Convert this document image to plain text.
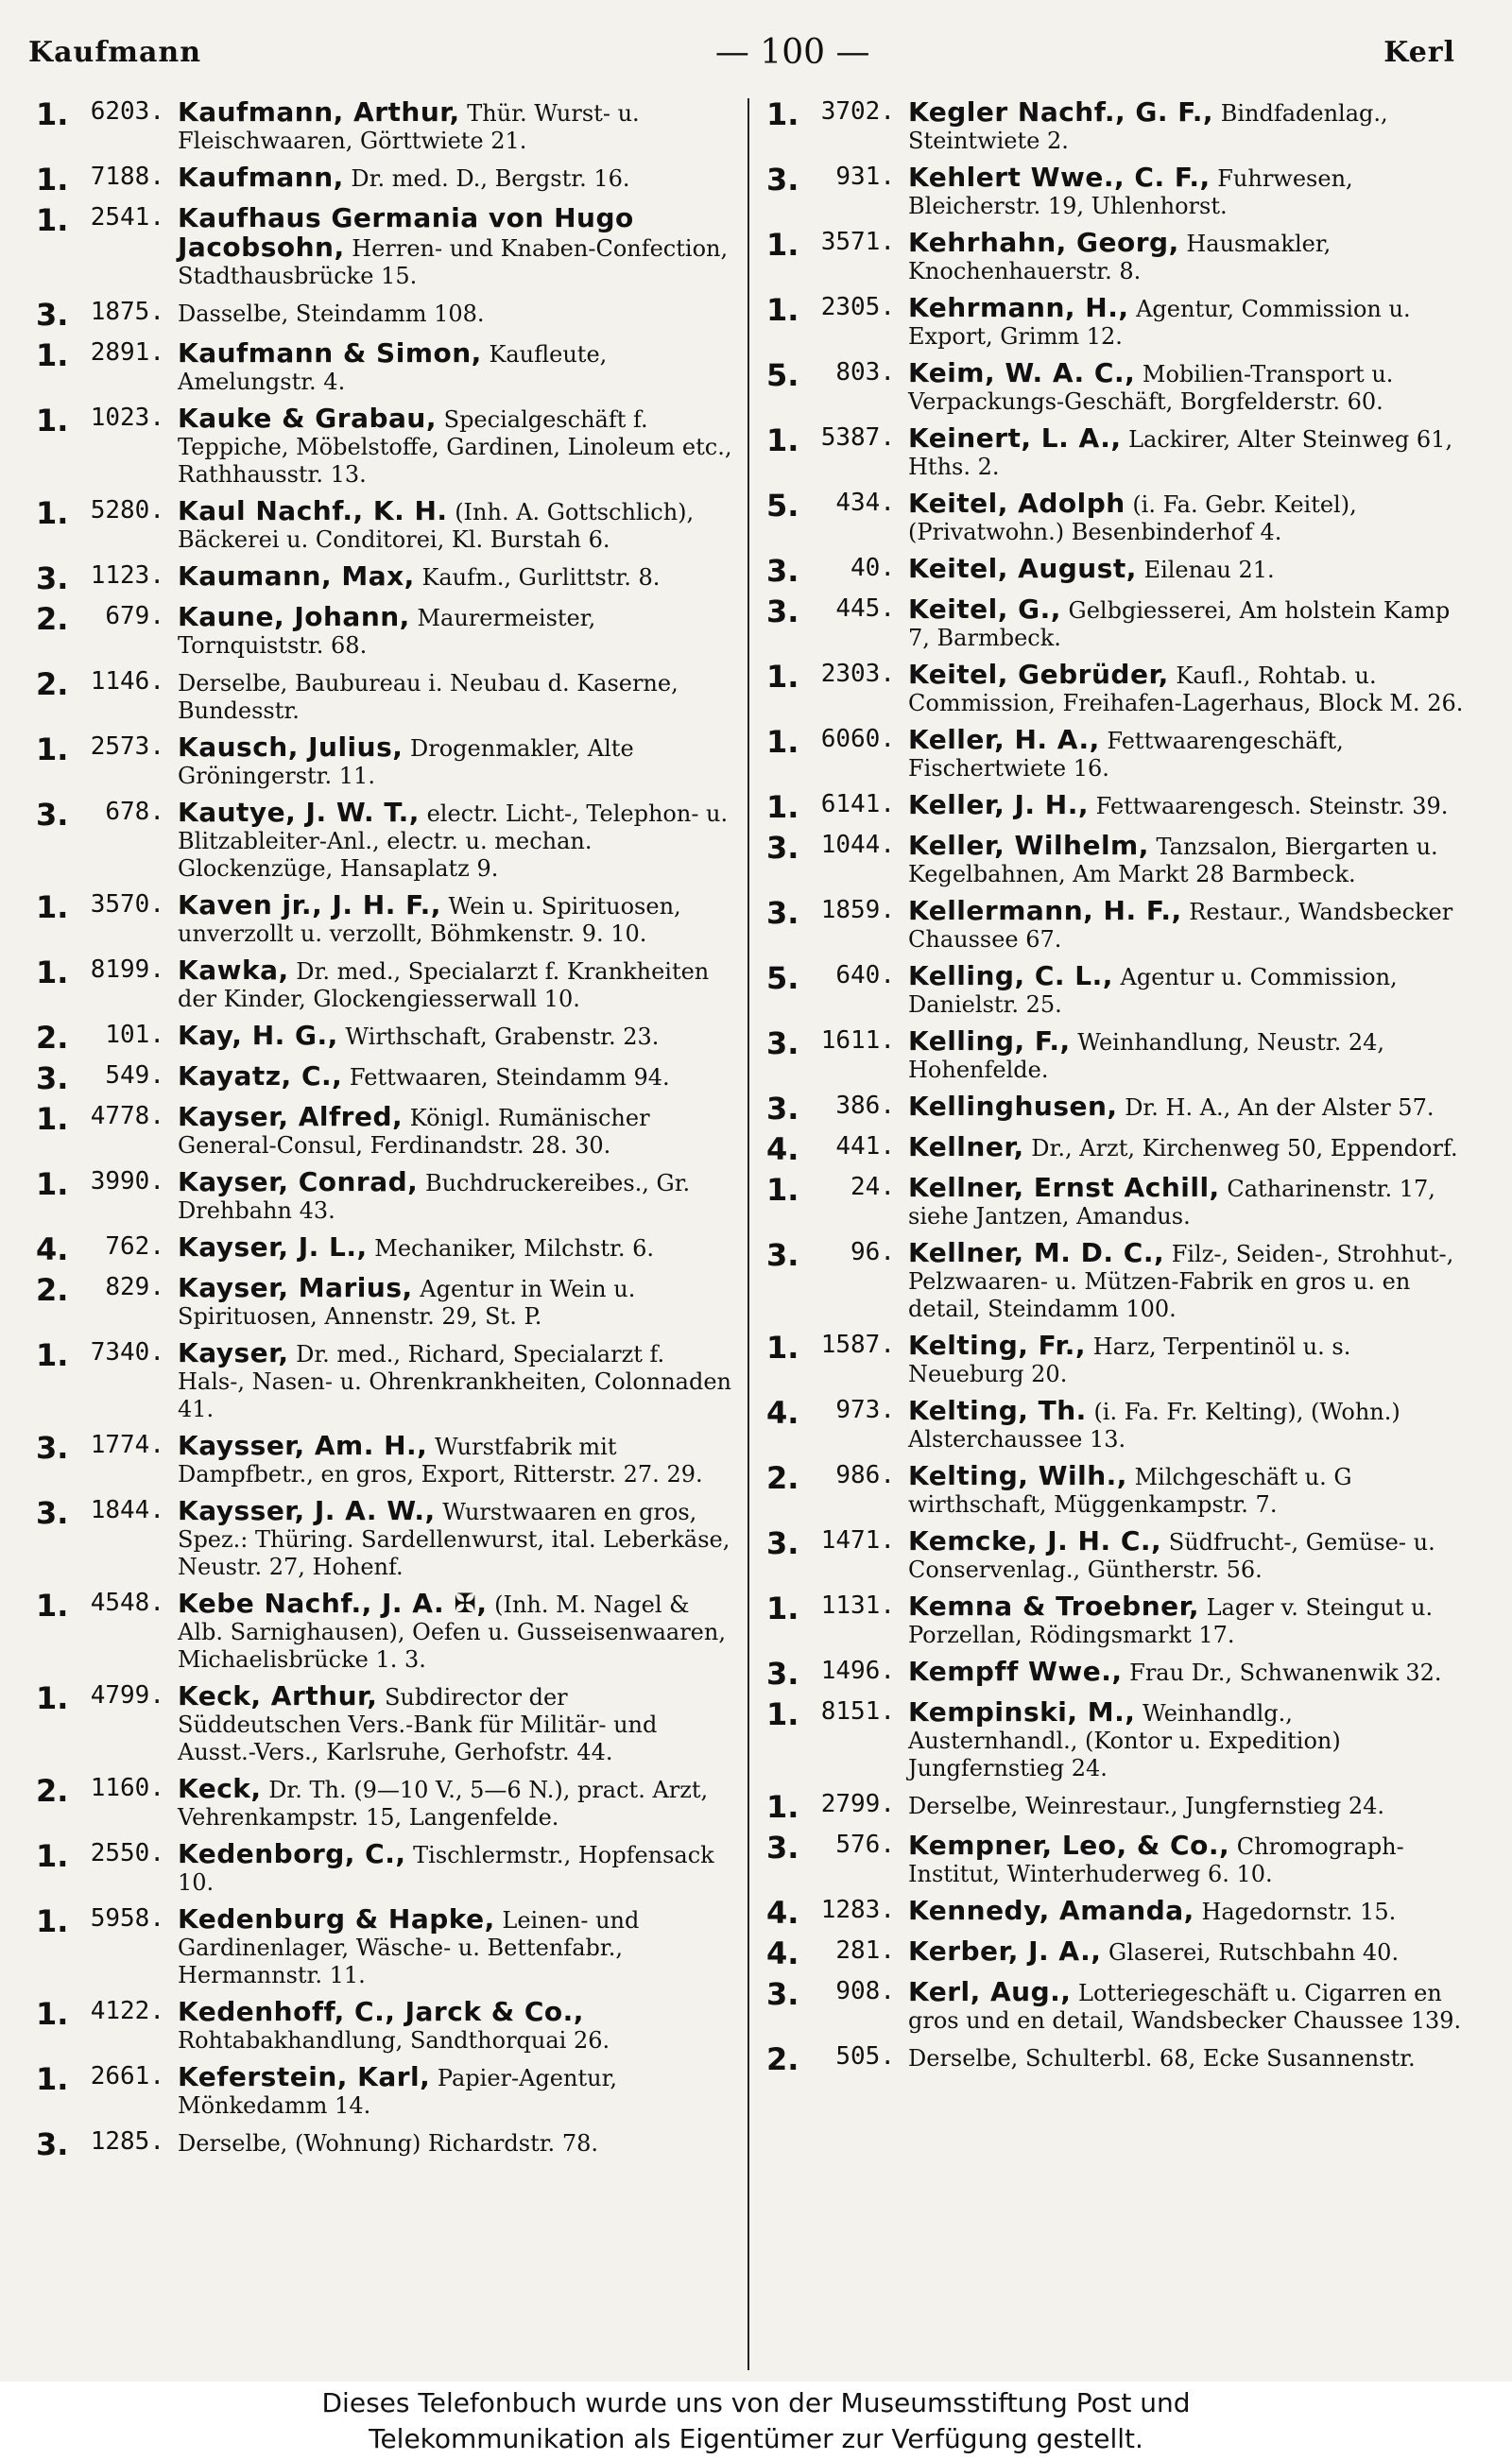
Kaufmann	— 100 —	Kerl
1. 6203. Kaufmann, Arthur, Thür. Wurst- u. Fleischwaaren, Görttwiete 21.
1. 7188. Kaufmann, Dr. med. D., Bergstr. 16.
1. 2541. Kaufhaus Germania von Hugo Jacobsohn, Herren- und Knaben-Confection, Stadthausbrücke 15.
3. 1875. Dasselbe, Steindamm 108.
1. 2891. Kaufmann & Simon, Kaufleute, Amelungstr. 4.
1. 1023. Kauke & Grabau, Specialgeschäft f. Teppiche, Möbelstoffe, Gardinen, Linoleum etc., Rathhausstr. 13.
1. 5280. Kaul Nachf., K. H. (Inh. A. Gottschlich), Bäckerei u. Conditorei, Kl. Burstah 6.
3. 1123. Kaumann, Max, Kaufm., Gurlittstr. 8.
2.	679. Kaune, Johann, Maurermeister, Tornquiststr. 68.
2. 1146. Derselbe, Baubureau i. Neubau d. Kaserne, Bundesstr.
1. 2573. Kausch, Julius, Drogenmakler, Alte Gröningerstr. 11.
3.	678. Kautye, J. W. T., electr. Licht-, Telephon- u. Blitzableiter-Anl., electr. u. mechan. Glockenzüge, Hansaplatz 9.
1. 3570. Kaven jr., J. H. F., Wein u. Spirituosen, unverzollt u. verzollt, Böhmkenstr. 9. 10.
1. 8199. Kawka, Dr. med., Specialarzt f. Krankheiten der Kinder, Glockengiesserwall 10.
2.	101. Kay, H. G., Wirthschaft, Grabenstr. 23.
3.	549. Kayatz, C., Fettwaaren, Steindamm 94.
1. 4778. Kayser, Alfred, Königl. Rumänischer General-Consul, Ferdinandstr. 28. 30.
1. 3990. Kayser, Conrad, Buchdruckereibes., Gr. Drehbahn 43.
4.	762. Kayser, J. L., Mechaniker, Milchstr. 6.
2.	829. Kayser, Marius, Agentur in Wein u. Spirituosen, Annenstr. 29, St. P.
1. 7340. Kayser, Dr. med., Richard, Specialarzt f. Hals-, Nasen- u. Ohrenkrankheiten, Colonnaden 41.
3. 1774. Kaysser, Am. H., Wurstfabrik mit Dampfbetr., en gros, Export, Ritterstr. 27. 29.
3. 1844. Kaysser, J. A. W., Wurstwaaren en gros, Spez.: Thüring. Sardellenwurst, ital. Leberkäse, Neustr. 27, Hohenf.
1. 4548. Kebe Nachf., J. A. ✠, (Inh. M. Nagel & Alb. Sarnighausen), Oefen u. Gusseisenwaaren, Michaelisbrücke 1. 3.
1. 4799. Keck, Arthur, Subdirector der Süddeutschen Vers.-Bank für Militär- und Ausst.-Vers., Karlsruhe, Gerhofstr. 44.
2. 1160. Keck, Dr. Th. (9—10 V., 5—6 N.), pract. Arzt, Vehrenkampstr. 15, Langenfelde.
1. 2550. Kedenborg, C., Tischlermstr., Hopfensack 10.
1. 5958. Kedenburg & Hapke, Leinen- und Gardinenlager, Wäsche- u. Bettenfabr., Hermannstr. 11.
1. 4122. Kedenhoff, C., Jarck & Co., Rohtabakhandlung, Sandthorquai 26.
1. 2661. Keferstein, Karl, Papier-Agentur, Mönkedamm 14.
3. 1285. Derselbe, (Wohnung) Richardstr. 78.
1. 3702. Kegler Nachf., G. F., Bindfadenlag., Steintwiete 2.
3.	931. Kehlert Wwe., C. F., Fuhrwesen, Bleicherstr. 19, Uhlenhorst.
1. 3571. Kehrhahn, Georg, Hausmakler, Knochenhauerstr. 8.
1. 2305. Kehrmann, H., Agentur, Commission u. Export, Grimm 12.
5.	803. Keim, W. A. C., Mobilien-Transport u. Verpackungs-Geschäft, Borgfelderstr. 60.
1. 5387. Keinert, L. A., Lackirer, Alter Steinweg 61, Hths. 2.
5.	434. Keitel, Adolph (i. Fa. Gebr. Keitel), (Privatwohn.) Besenbinderhof 4.
3.	40. Keitel, August, Eilenau 21.
3.	445. Keitel, G., Gelbgiesserei, Am holstein Kamp 7, Barmbeck.
1. 2303. Keitel, Gebrüder, Kaufl., Rohtab. u. Commission, Freihafen-Lagerhaus, Block M. 26.
1. 6060. Keller, H. A., Fettwaarengeschäft, Fischertwiete 16.
1. 6141. Keller, J. H., Fettwaarengesch. Steinstr. 39.
3. 1044. Keller, Wilhelm, Tanzsalon, Biergarten u. Kegelbahnen, Am Markt 28 Barmbeck.
3. 1859. Kellermann, H. F., Restaur., Wandsbecker Chaussee 67.
5.	640. Kelling, C. L., Agentur u. Commission, Danielstr. 25.
3. 1611. Kelling, F., Weinhandlung, Neustr. 24, Hohenfelde.
3.	386. Kellinghusen, Dr. H. A., An der Alster 57.
4.	441. Kellner, Dr., Arzt, Kirchenweg 50, Eppendorf.
1.	24. Kellner, Ernst Achill, Catharinenstr. 17, siehe Jantzen, Amandus.
3.	96. Kellner, M. D. C., Filz-, Seiden-, Strohhut-, Pelzwaaren- u. Mützen-Fabrik en gros u. en detail, Steindamm 100.
1. 1587. Kelting, Fr., Harz, Terpentinöl u. s. Neueburg 20.
4.	973. Kelting, Th. (i. Fa. Fr. Kelting), (Wohn.) Alsterchaussee 13.
2.	986. Kelting, Wilh., Milchgeschäft u. G wirthschaft, Müggenkampstr. 7.
3. 1471. Kemcke, J. H. C., Südfrucht-, Gemüse- u. Conservenlag., Güntherstr. 56.
1. 1131. Kemna & Troebner, Lager v. Steingut u. Porzellan, Rödingsmarkt 17.
3. 1496. Kempff Wwe., Frau Dr., Schwanenwik 32.
1. 8151. Kempinski, M., Weinhandlg., Austernhandl., (Kontor u. Expedition) Jungfernstieg 24.
1. 2799. Derselbe, Weinrestaur., Jungfernstieg 24.
3.	576. Kempner, Leo, & Co., Chromograph-Institut, Winterhuderweg 6. 10.
4. 1283. Kennedy, Amanda, Hagedornstr. 15.
4.	281. Kerber, J. A., Glaserei, Rutschbahn 40.
3.	908. Kerl, Aug., Lotteriegeschäft u. Cigarren en gros und en detail, Wandsbecker Chaussee 139.
2.	505. Derselbe, Schulterbl. 68, Ecke Susannenstr.
Dieses Telefonbuch wurde uns von der Museumsstiftung Post und
Telekommunikation als Eigentümer zur Verfügung gestellt.
